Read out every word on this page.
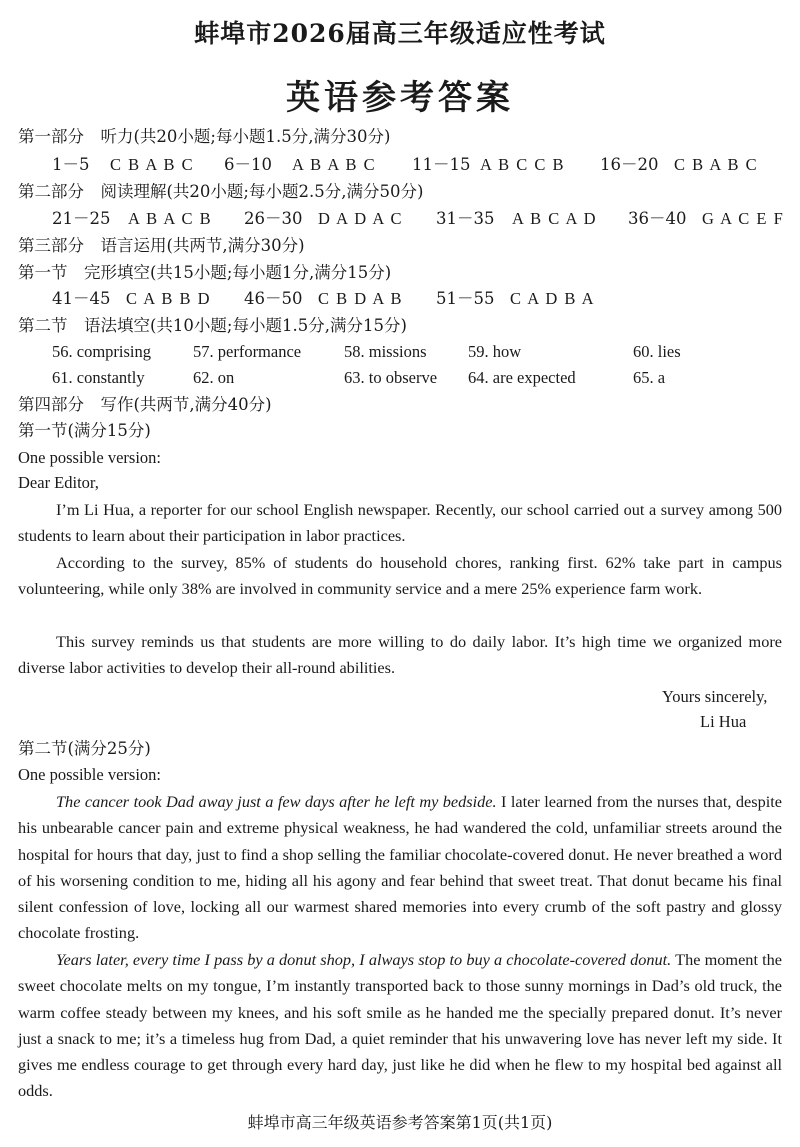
蚌埠市2026届高三年级适应性考试
英语参考答案
第一部分　听力(共20小题;每小题1.5分,满分30分)
1－5 C B A B C 6－10 A B A B C 11－15 A B C C B 16－20 C B A B C
第二部分　阅读理解(共20小题;每小题2.5分,满分50分)
21－25 A B A C B 26－30 D A D A C 31－35 A B C A D 36－40 G A C E F
第三部分　语言运用(共两节,满分30分)
第一节　完形填空(共15小题;每小题1分,满分15分)
41－45 C A B B D 46－50 C B D A B 51－55 C A D B A
第二节　语法填空(共10小题;每小题1.5分,满分15分)
56. comprising	57. performance	58. missions	59. how	60. lies
61. constantly	62. on	63. to observe 64. are expected	65. a
第四部分　写作(共两节,满分40分)
第一节(满分15分)
One possible version:
Dear Editor,
I’m Li Hua, a reporter for our school English newspaper. Recently, our school carried out a survey among 500 students to learn about their participation in labor practices.
According to the survey, 85% of students do household chores, ranking first. 62% take part in campus volunteering, while only 38% are involved in community service and a mere 25% experience farm work.
This survey reminds us that students are more willing to do daily labor. It’s high time we organized more diverse labor activities to develop their all-round abilities.
Yours sincerely,
Li Hua
第二节(满分25分)
One possible version:
The cancer took Dad away just a few days after he left my bedside. I later learned from the nurses that, despite his unbearable cancer pain and extreme physical weakness, he had wandered the cold, unfamiliar streets around the hospital for hours that day, just to find a shop selling the familiar chocolate-covered donut. He never breathed a word of his worsening condition to me, hiding all his agony and fear behind that sweet treat. That donut became his final silent confession of love, locking all our warmest shared memories into every crumb of the soft pastry and glossy chocolate frosting.
Years later, every time I pass by a donut shop, I always stop to buy a chocolate-covered donut. The moment the sweet chocolate melts on my tongue, I’m instantly transported back to those sunny mornings in Dad’s old truck, the warm coffee steady between my knees, and his soft smile as he handed me the specially prepared donut. It’s never just a snack to me; it’s a timeless hug from Dad, a quiet reminder that his unwavering love has never left my side. It gives me endless courage to get through every hard day, just like he did when he flew to my hospital bed against all odds.
蚌埠市高三年级英语参考答案第1页(共1页)
